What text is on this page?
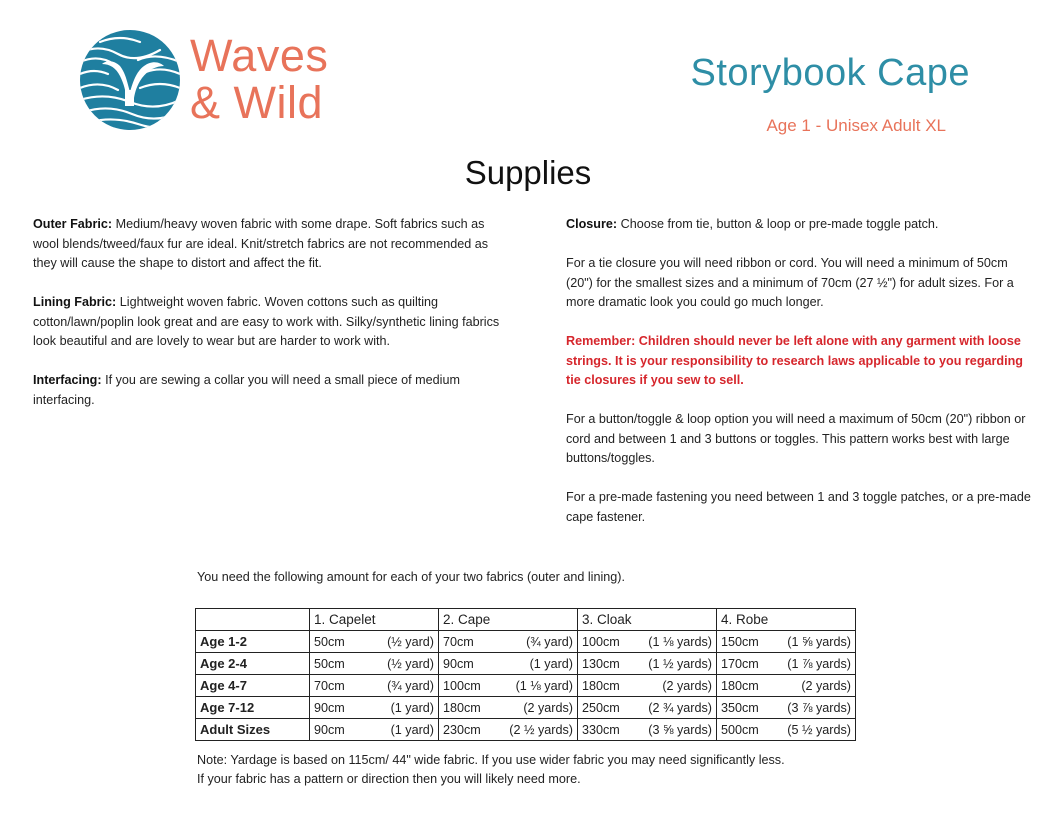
Waves
& Wild
Storybook Cape
Age 1 - Unisex Adult XL
Supplies

Outer Fabric: Medium/heavy woven fabric with some drape. Soft fabrics such as wool blends/tweed/faux fur are ideal. Knit/stretch fabrics are not recommended as they will cause the shape to distort and affect the fit.

Lining Fabric: Lightweight woven fabric. Woven cottons such as quilting cotton/lawn/poplin look great and are easy to work with. Silky/synthetic lining fabrics look beautiful and are lovely to wear but are harder to work with.

Interfacing: If you are sewing a collar you will need a small piece of medium interfacing.

Closure: Choose from tie, button & loop or pre-made toggle patch.

For a tie closure you will need ribbon or cord. You will need a minimum of 50cm (20") for the smallest sizes and a minimum of 70cm (27 ½") for adult sizes. For a more dramatic look you could go much longer.

Remember: Children should never be left alone with any garment with loose strings. It is your responsibility to research laws applicable to you regarding tie closures if you sew to sell.

For a button/toggle & loop option you will need a maximum of 50cm (20") ribbon or cord and between 1 and 3 buttons or toggles. This pattern works best with large buttons/toggles.

For a pre-made fastening you need between 1 and 3 toggle patches, or a pre-made cape fastener.

You need the following amount for each of your two fabrics (outer and lining).
	1. Capelet	2. Cape	3. Cloak	4. Robe
Age 1-2	50cm (½ yard)	70cm (¾ yard)	100cm (1 ⅛ yards)	150cm (1 ⅝ yards)

Age 2-4	50cm (½ yard)	90cm (1 yard)	130cm (1 ½ yards)	170cm (1 ⅞ yards)

Age 4-7	70cm (¾ yard)	100cm (1 ⅛ yard)	180cm (2 yards)	180cm (2 yards)

Age 7-12	90cm (1 yard)	180cm (2 yards)	250cm (2 ¾ yards)	350cm (3 ⅞ yards)

Adult Sizes	90cm (1 yard)	230cm (2 ½ yards)	330cm (3 ⅝ yards)	500cm (5 ½ yards)
Note: Yardage is based on 115cm/ 44" wide fabric. If you use wider fabric you may need significantly less.
If your fabric has a pattern or direction then you will likely need more.
